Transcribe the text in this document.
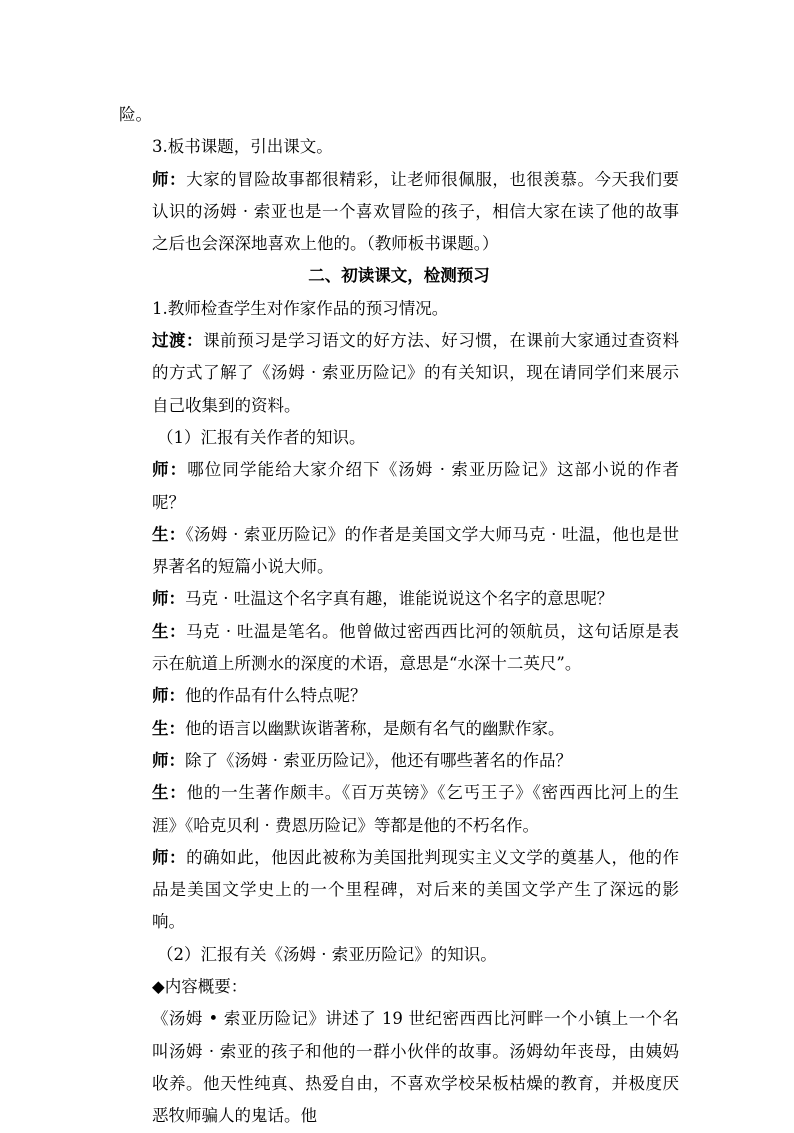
险。

3.板书课题，引出课文。

师：大家的冒险故事都很精彩，让老师很佩服，也很羡慕。今天我们要认识的汤姆 · 索亚也是一个喜欢冒险的孩子，相信大家在读了他的故事之后也会深深地喜欢上他的。（教师板书课题。）

二、初读课文，检测预习

1.教师检查学生对作家作品的预习情况。

过渡：课前预习是学习语文的好方法、好习惯，在课前大家通过查资料的方式了解了《汤姆 · 索亚历险记》的有关知识，现在请同学们来展示自己收集到的资料。

（1）汇报有关作者的知识。

师：哪位同学能给大家介绍下《汤姆 · 索亚历险记》这部小说的作者呢？

生：《汤姆 · 索亚历险记》的作者是美国文学大师马克 · 吐温，他也是世界著名的短篇小说大师。

师：马克 · 吐温这个名字真有趣，谁能说说这个名字的意思呢？

生：马克 · 吐温是笔名。他曾做过密西西比河的领航员，这句话原是表示在航道上所测水的深度的术语，意思是“水深十二英尺”。

师：他的作品有什么特点呢？

生：他的语言以幽默诙谐著称，是颇有名气的幽默作家。

师：除了《汤姆 · 索亚历险记》，他还有哪些著名的作品？

生：他的一生著作颇丰。《百万英镑》《乞丐王子》《密西西比河上的生涯》《哈克贝利 · 费恩历险记》等都是他的不朽名作。

师：的确如此，他因此被称为美国批判现实主义文学的奠基人，他的作品是美国文学史上的一个里程碑，对后来的美国文学产生了深远的影响。

（2）汇报有关《汤姆 · 索亚历险记》的知识。

◆内容概要：

《汤姆 • 索亚历险记》讲述了 19 世纪密西西比河畔一个小镇上一个名叫汤姆 · 索亚的孩子和他的一群小伙伴的故事。汤姆幼年丧母，由姨妈收养。他天性纯真、热爱自由，不喜欢学校呆板枯燥的教育，并极度厌恶牧师骗人的鬼话。他
